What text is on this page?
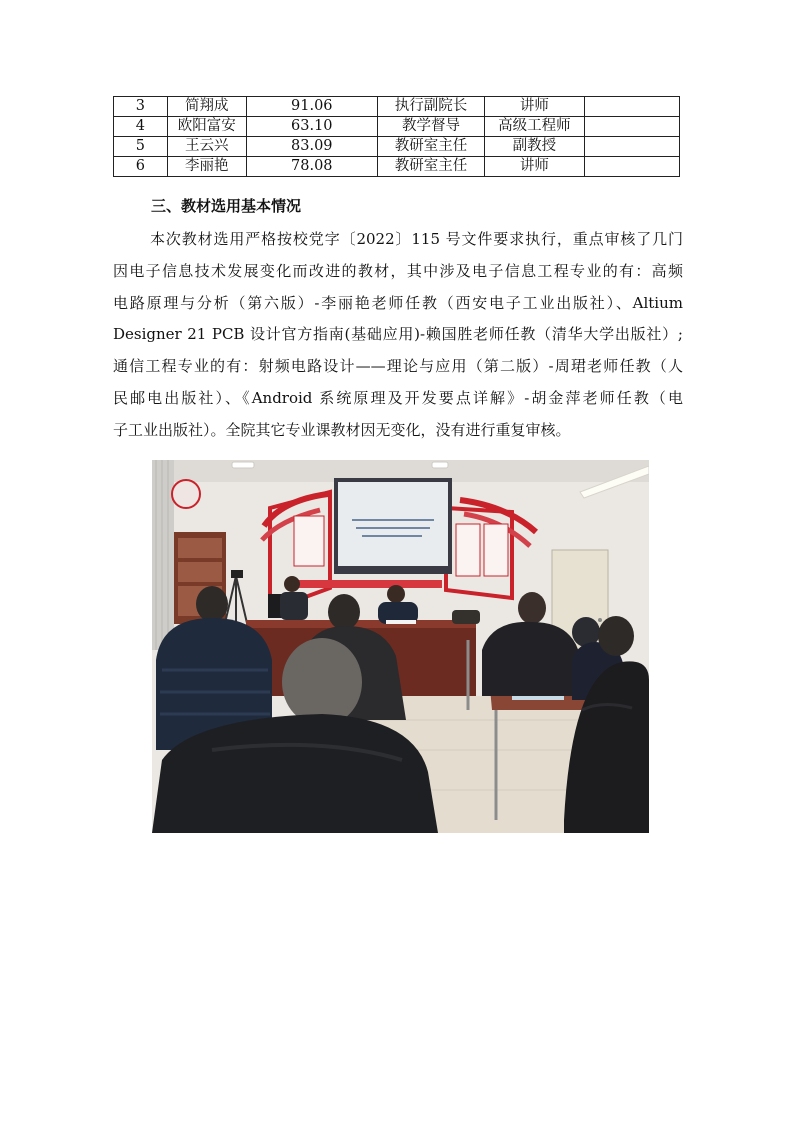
3	简翔成	91.06	执行副院长	讲师	
4	欧阳富安	63.10	教学督导	高级工程师	
5	王云兴	83.09	教研室主任	副教授	
6	李丽艳	78.08	教研室主任	讲师	
三、教材选用基本情况
本次教材选用严格按校党字〔2022〕115 号文件要求执行，重点审核了几门
因电子信息技术发展变化而改进的教材，其中涉及电子信息工程专业的有：高频
电路原理与分析（第六版）-李丽艳老师任教（西安电子工业出版社）、Altium
Designer 21 PCB 设计官方指南(基础应用)-赖国胜老师任教（清华大学出版社）;
通信工程专业的有：射频电路设计——理论与应用（第二版）-周珺老师任教（人
民邮电出版社）、《Android 系统原理及开发要点详解》-胡金萍老师任教（电
子工业出版社）。全院其它专业课教材因无变化，没有进行重复审核。
